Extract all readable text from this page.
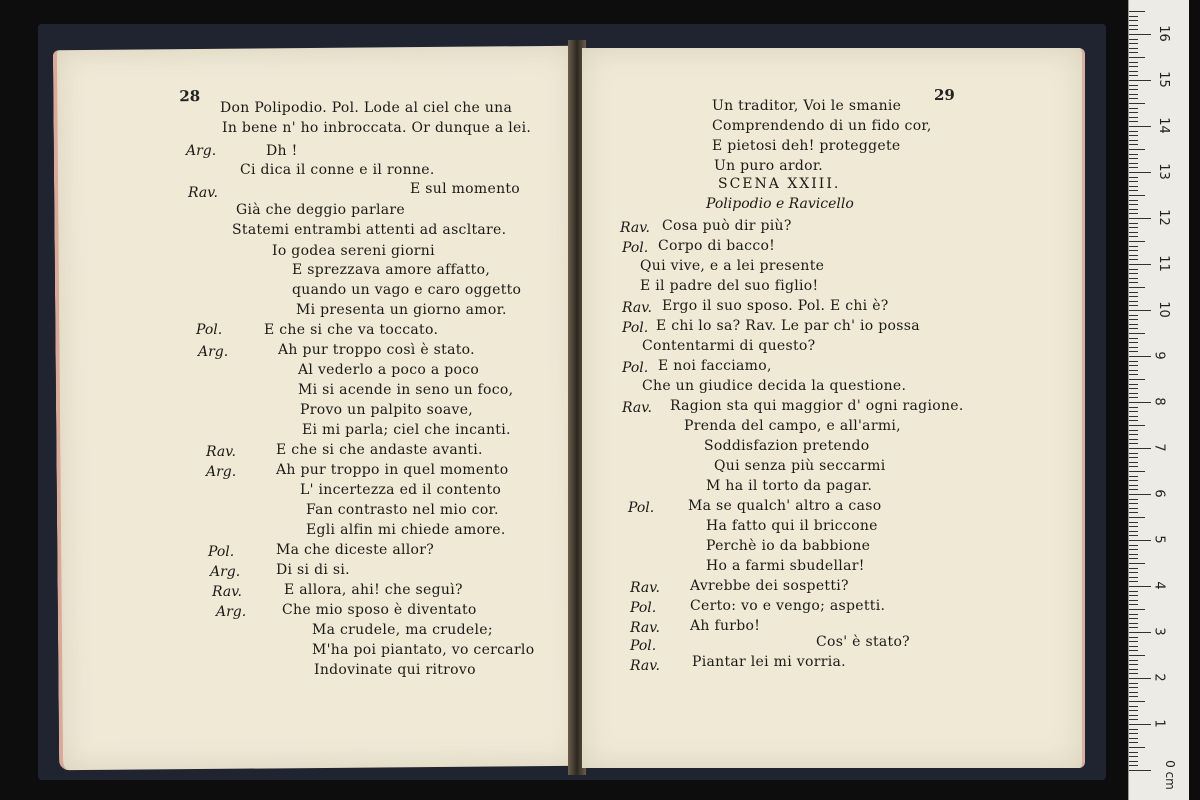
28	29
Don Polipodio. Pol. Lode al ciel che una
In bene n' ho inbroccata. Or dunque a lei.
Dh !
Arg.
Ci dica il conne e il ronne.
E sul momento
Rav.
Già che deggio parlare
Statemi entrambi attenti ad ascltare.
Io godea sereni giorni
E sprezzava amore affatto,
quando un vago e caro oggetto
Mi presenta un giorno amor.
E che si che va toccato.
Pol.
Ah pur troppo così è stato.
Arg.
Al vederlo a poco a poco
Mi si acende in seno un foco,
Provo un palpito soave,
Ei mi parla; ciel che incanti.
E che si che andaste avanti.
Rav.
Ah pur troppo in quel momento
Arg.
L' incertezza ed il contento
Fan contrasto nel mio cor.
Egli alfin mi chiede amore.
Ma che diceste allor?
Pol.
Di si di si.
Arg.
E allora, ahi! che seguì?
Rav.
Che mio sposo è diventato
Arg.
Ma crudele, ma crudele;
M'ha poi piantato, vo cercarlo
Indovinate qui ritrovo
Un traditor, Voi le smanie
Comprendendo di un fido cor,
E pietosi deh! proteggete
Un puro ardor.
Cosa può dir più?
Rav.
Corpo di bacco!
Pol.
Qui vive, e a lei presente
E il padre del suo figlio!
Ergo il suo sposo. Pol. E chi è?
Rav.
E chi lo sa? Rav. Le par ch' io possa
Pol.
Contentarmi di questo?
E noi facciamo,
Pol.
Che un giudice decida la questione.
Ragion sta qui maggior d' ogni ragione.
Rav.
Prenda del campo, e all'armi,
Soddisfazion pretendo
Qui senza più seccarmi
M ha il torto da pagar.
Ma se qualch' altro a caso
Pol.
Ha fatto qui il briccone
Perchè io da babbione
Ho a farmi sbudellar!
Avrebbe dei sospetti?
Rav.
Certo: vo e vengo; aspetti.
Pol.
Ah furbo!
Rav.
Cos' è stato?
Pol.
Piantar lei mi vorria.
Rav.
SCENA XXIII.
Polipodio e Ravicello
0 cm
1
2
3
4
5
6
7
8
9
10
11
12
13
14
15
16
